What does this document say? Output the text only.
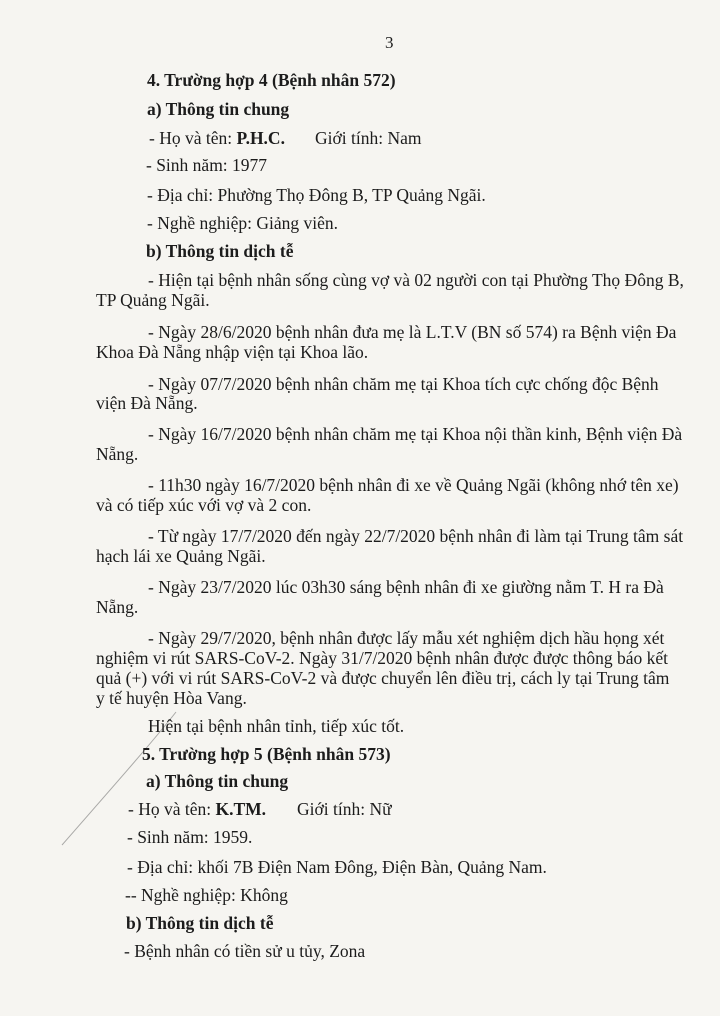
3
4. Trường hợp 4 (Bệnh nhân 572)
a) Thông tin chung
- Họ và tên: P.H.C. Giới tính: Nam
- Sinh năm: 1977
- Địa chỉ: Phường Thọ Đông B, TP Quảng Ngãi.
- Nghề nghiệp: Giảng viên.
b) Thông tin dịch tễ
- Hiện tại bệnh nhân sống cùng vợ và 02 người con tại Phường Thọ Đông B,
TP Quảng Ngãi.
- Ngày 28/6/2020 bệnh nhân đưa mẹ là L.T.V (BN số 574) ra Bệnh viện Đa
Khoa Đà Nẵng nhập viện tại Khoa lão.
- Ngày 07/7/2020 bệnh nhân chăm mẹ tại Khoa tích cực chống độc Bệnh
viện Đà Nẵng.
- Ngày 16/7/2020 bệnh nhân chăm mẹ tại Khoa nội thần kinh, Bệnh viện Đà
Nẵng.
- 11h30 ngày 16/7/2020 bệnh nhân đi xe về Quảng Ngãi (không nhớ tên xe)
và có tiếp xúc với vợ và 2 con.
- Từ ngày 17/7/2020 đến ngày 22/7/2020 bệnh nhân đi làm tại Trung tâm sát
hạch lái xe Quảng Ngãi.
- Ngày 23/7/2020 lúc 03h30 sáng bệnh nhân đi xe giường nằm T. H ra Đà
Nẵng.
- Ngày 29/7/2020, bệnh nhân được lấy mẫu xét nghiệm dịch hầu họng xét
nghiệm vi rút SARS-CoV-2. Ngày 31/7/2020 bệnh nhân được được thông báo kết
quả (+) với vi rút SARS-CoV-2 và được chuyển lên điều trị, cách ly tại Trung tâm
y tế huyện Hòa Vang.
Hiện tại bệnh nhân tỉnh, tiếp xúc tốt.
5. Trường hợp 5 (Bệnh nhân 573)
a) Thông tin chung
- Họ và tên: K.TM. Giới tính: Nữ
- Sinh năm: 1959.
- Địa chỉ: khối 7B Điện Nam Đông, Điện Bàn, Quảng Nam.
-- Nghề nghiệp: Không
b) Thông tin dịch tễ
- Bệnh nhân có tiền sử u tủy, Zona
